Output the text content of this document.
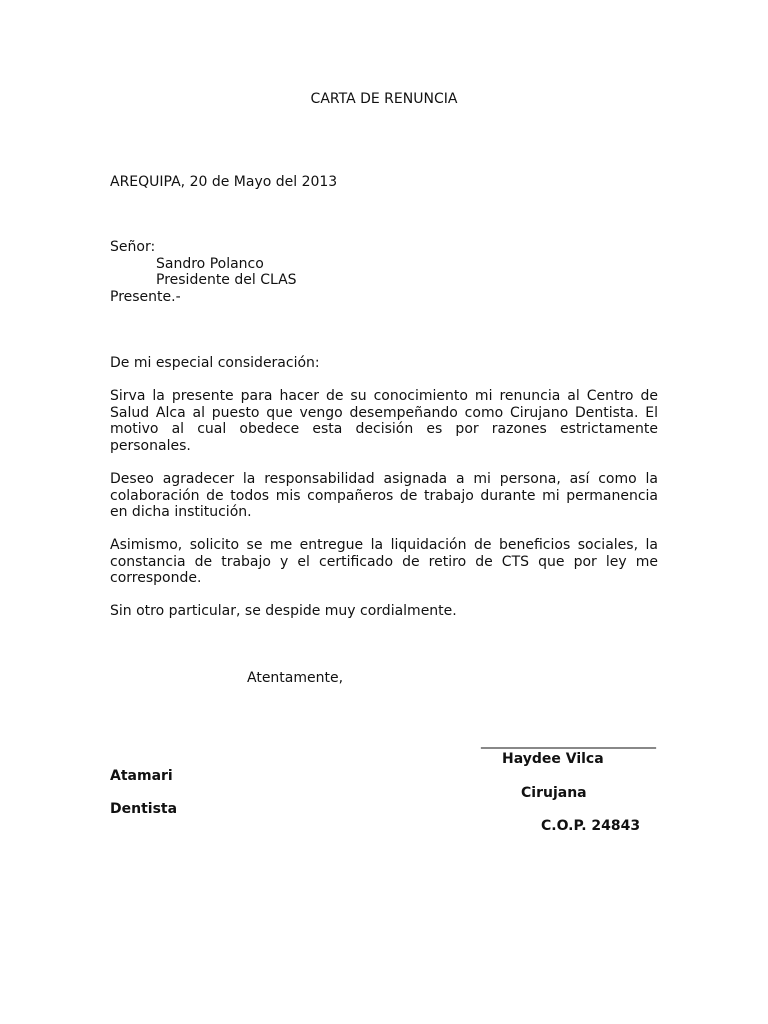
CARTA DE RENUNCIA
AREQUIPA, 20 de Mayo del 2013
Señor:
Sandro Polanco
Presidente del CLAS
Presente.-
De mi especial consideración:
Sirva la presente para hacer de su conocimiento mi renuncia al Centro de Salud Alca al puesto que vengo desempeñando como Cirujano Dentista. El motivo al cual obedece esta decisión es por razones estrictamente personales.
Deseo agradecer la responsabilidad asignada a mi persona, así como la colaboración de todos mis compañeros de trabajo durante mi permanencia en dicha institución.
Asimismo, solicito se me entregue la liquidación de beneficios sociales, la constancia de trabajo y el certificado de retiro de CTS que por ley me corresponde.
Sin otro particular, se despide muy cordialmente.
Atentamente,
_________________________
Haydee Vilca
Atamari
Cirujana
Dentista
C.O.P. 24843
